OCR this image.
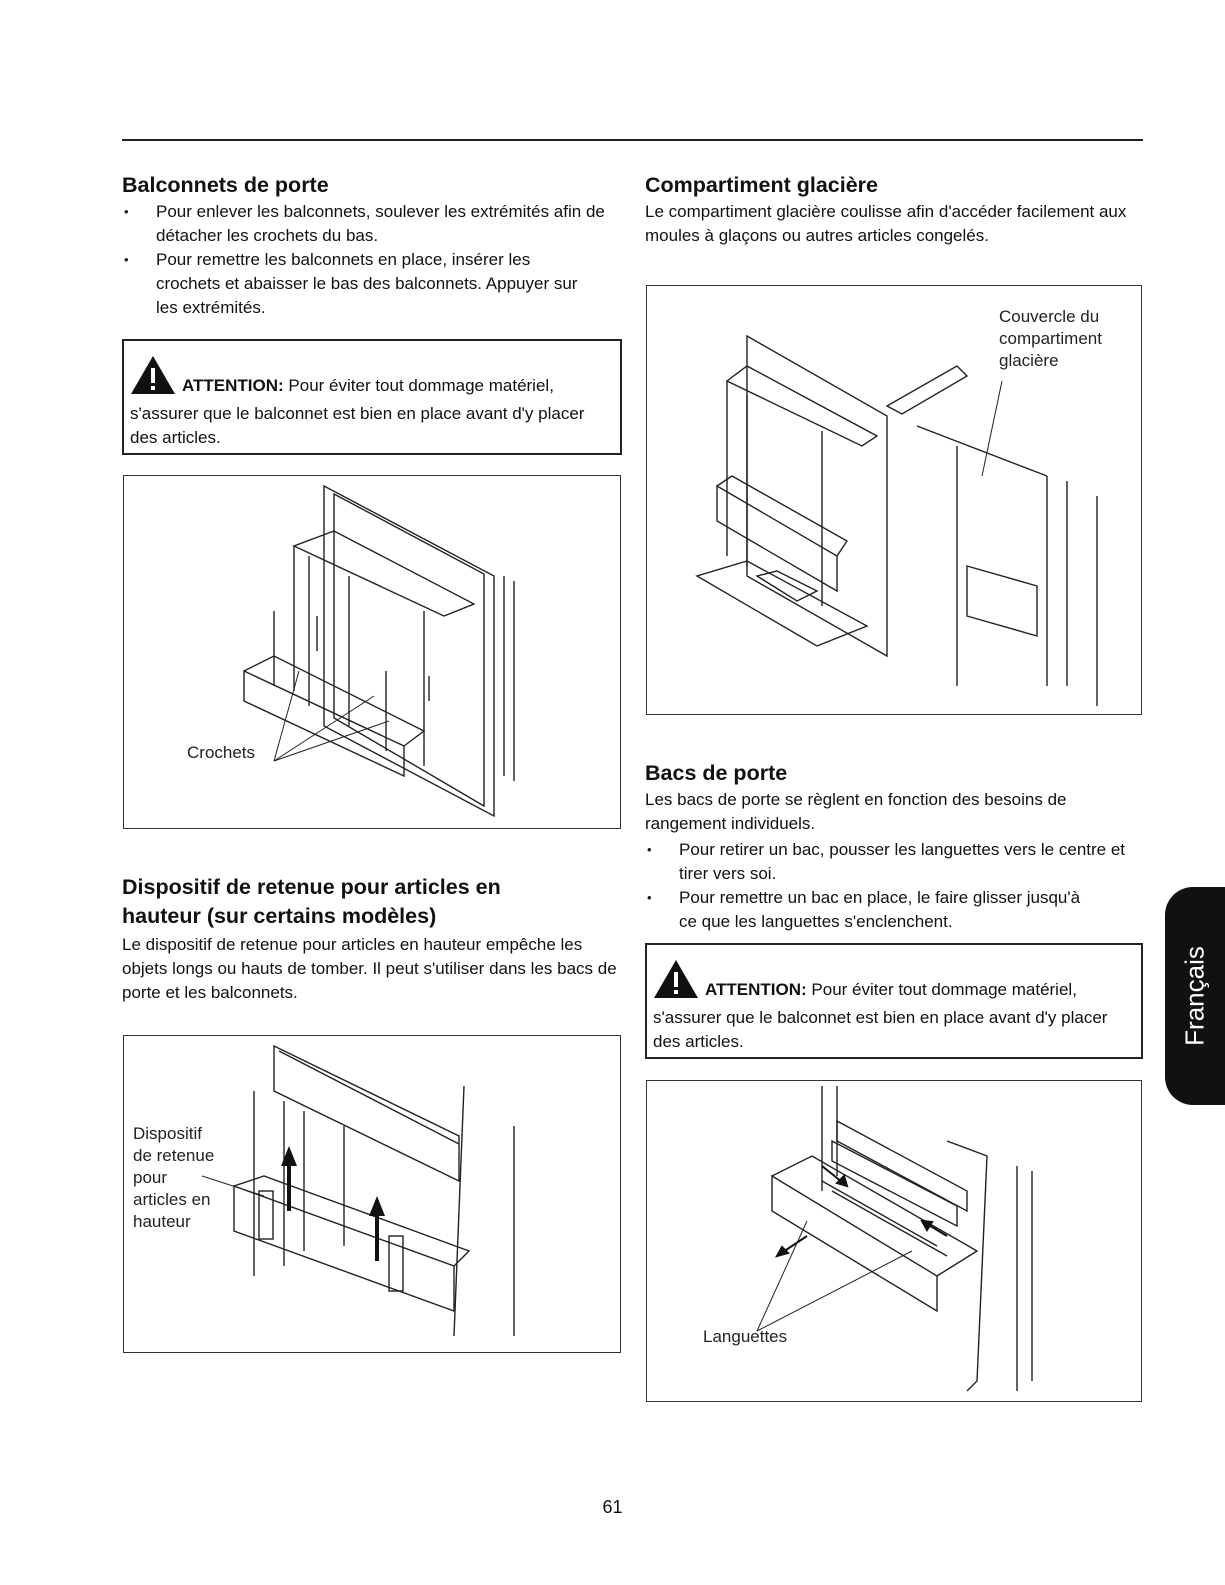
Balconnets de porte
• Pour enlever les balconnets, soulever les extrémités afin de détacher les crochets du bas.
• Pour remettre les balconnets en place, insérer les crochets et abaisser le bas des balconnets. Appuyer sur les extrémités.
ATTENTION: Pour éviter tout dommage matériel, s'assurer que le balconnet est bien en place avant d'y placer des articles.
Crochets
Dispositif de retenue pour articles en hauteur (sur certains modèles)

Le dispositif de retenue pour articles en hauteur empêche les objets longs ou hauts de tomber. Il peut s'utiliser dans les bacs de porte et les balconnets.

Dispositif
de retenue
pour
articles en
hauteur
Compartiment glacière

Le compartiment glacière coulisse afin d'accéder facilement aux moules à glaçons ou autres articles congelés.

Couvercle du
compartiment
glacière
Bacs de porte

Les bacs de porte se règlent en fonction des besoins de rangement individuels.

• Pour retirer un bac, pousser les languettes vers le centre et tirer vers soi.
• Pour remettre un bac en place, le faire glisser jusqu'à ce que les languettes s'enclenchent.
ATTENTION: Pour éviter tout dommage matériel, s'assurer que le balconnet est bien en place avant d'y placer des articles.
Languettes
Français
61
